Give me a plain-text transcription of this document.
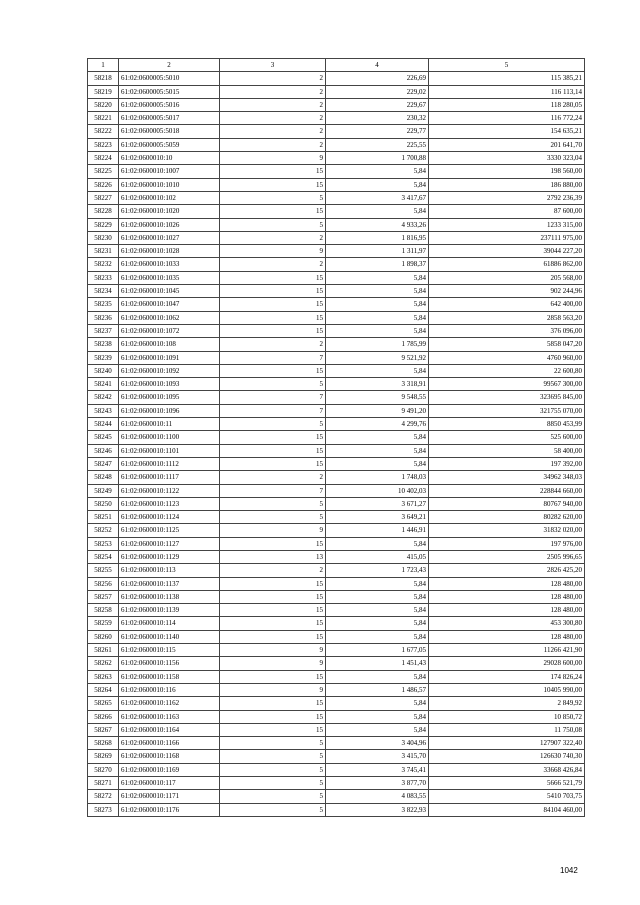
1	2	3	4	5
58218	61:02:0600005:5010	2	226,69	115 385,21
58219	61:02:0600005:5015	2	229,02	116 113,14
58220	61:02:0600005:5016	2	229,67	118 280,05
58221	61:02:0600005:5017	2	230,32	116 772,24
58222	61:02:0600005:5018	2	229,77	154 635,21
58223	61:02:0600005:5059	2	225,55	201 641,70
58224	61:02:0600010:10	9	1 700,88	3330 323,04
58225	61:02:0600010:1007	15	5,84	198 560,00
58226	61:02:0600010:1010	15	5,84	186 880,00
58227	61:02:0600010:102	5	3 417,67	2792 236,39
58228	61:02:0600010:1020	15	5,84	87 600,00
58229	61:02:0600010:1026	5	4 933,26	1233 315,00
58230	61:02:0600010:1027	2	1 816,95	237111 975,00
58231	61:02:0600010:1028	9	1 311,97	39044 227,20
58232	61:02:0600010:1033	2	1 898,37	61886 862,00
58233	61:02:0600010:1035	15	5,84	205 568,00
58234	61:02:0600010:1045	15	5,84	902 244,96
58235	61:02:0600010:1047	15	5,84	642 400,00
58236	61:02:0600010:1062	15	5,84	2858 563,20
58237	61:02:0600010:1072	15	5,84	376 096,00
58238	61:02:0600010:108	2	1 785,99	5858 047,20
58239	61:02:0600010:1091	7	9 521,92	4760 960,00
58240	61:02:0600010:1092	15	5,84	22 600,80
58241	61:02:0600010:1093	5	3 318,91	99567 300,00
58242	61:02:0600010:1095	7	9 548,55	323695 845,00
58243	61:02:0600010:1096	7	9 491,20	321755 070,00
58244	61:02:0600010:11	5	4 299,76	8850 453,99
58245	61:02:0600010:1100	15	5,84	525 600,00
58246	61:02:0600010:1101	15	5,84	58 400,00
58247	61:02:0600010:1112	15	5,84	197 392,00
58248	61:02:0600010:1117	2	1 748,03	34962 348,03
58249	61:02:0600010:1122	7	10 402,03	228844 660,00
58250	61:02:0600010:1123	5	3 671,27	80767 940,00
58251	61:02:0600010:1124	5	3 649,21	80282 620,00
58252	61:02:0600010:1125	9	1 446,91	31832 020,00
58253	61:02:0600010:1127	15	5,84	197 976,00
58254	61:02:0600010:1129	13	415,05	2505 996,65
58255	61:02:0600010:113	2	1 723,43	2826 425,20
58256	61:02:0600010:1137	15	5,84	128 480,00
58257	61:02:0600010:1138	15	5,84	128 480,00
58258	61:02:0600010:1139	15	5,84	128 480,00
58259	61:02:0600010:114	15	5,84	453 300,80
58260	61:02:0600010:1140	15	5,84	128 480,00
58261	61:02:0600010:115	9	1 677,05	11266 421,90
58262	61:02:0600010:1156	9	1 451,43	29028 600,00
58263	61:02:0600010:1158	15	5,84	174 826,24
58264	61:02:0600010:116	9	1 486,57	10405 990,00
58265	61:02:0600010:1162	15	5,84	2 849,92
58266	61:02:0600010:1163	15	5,84	10 850,72
58267	61:02:0600010:1164	15	5,84	11 750,08
58268	61:02:0600010:1166	5	3 404,96	127907 322,40
58269	61:02:0600010:1168	5	3 415,70	126630 740,30
58270	61:02:0600010:1169	5	3 745,41	33668 426,84
58271	61:02:0600010:117	5	3 877,70	5666 521,79
58272	61:02:0600010:1171	5	4 083,55	5410 703,75
58273	61:02:0600010:1176	5	3 822,93	84104 460,00
1042
